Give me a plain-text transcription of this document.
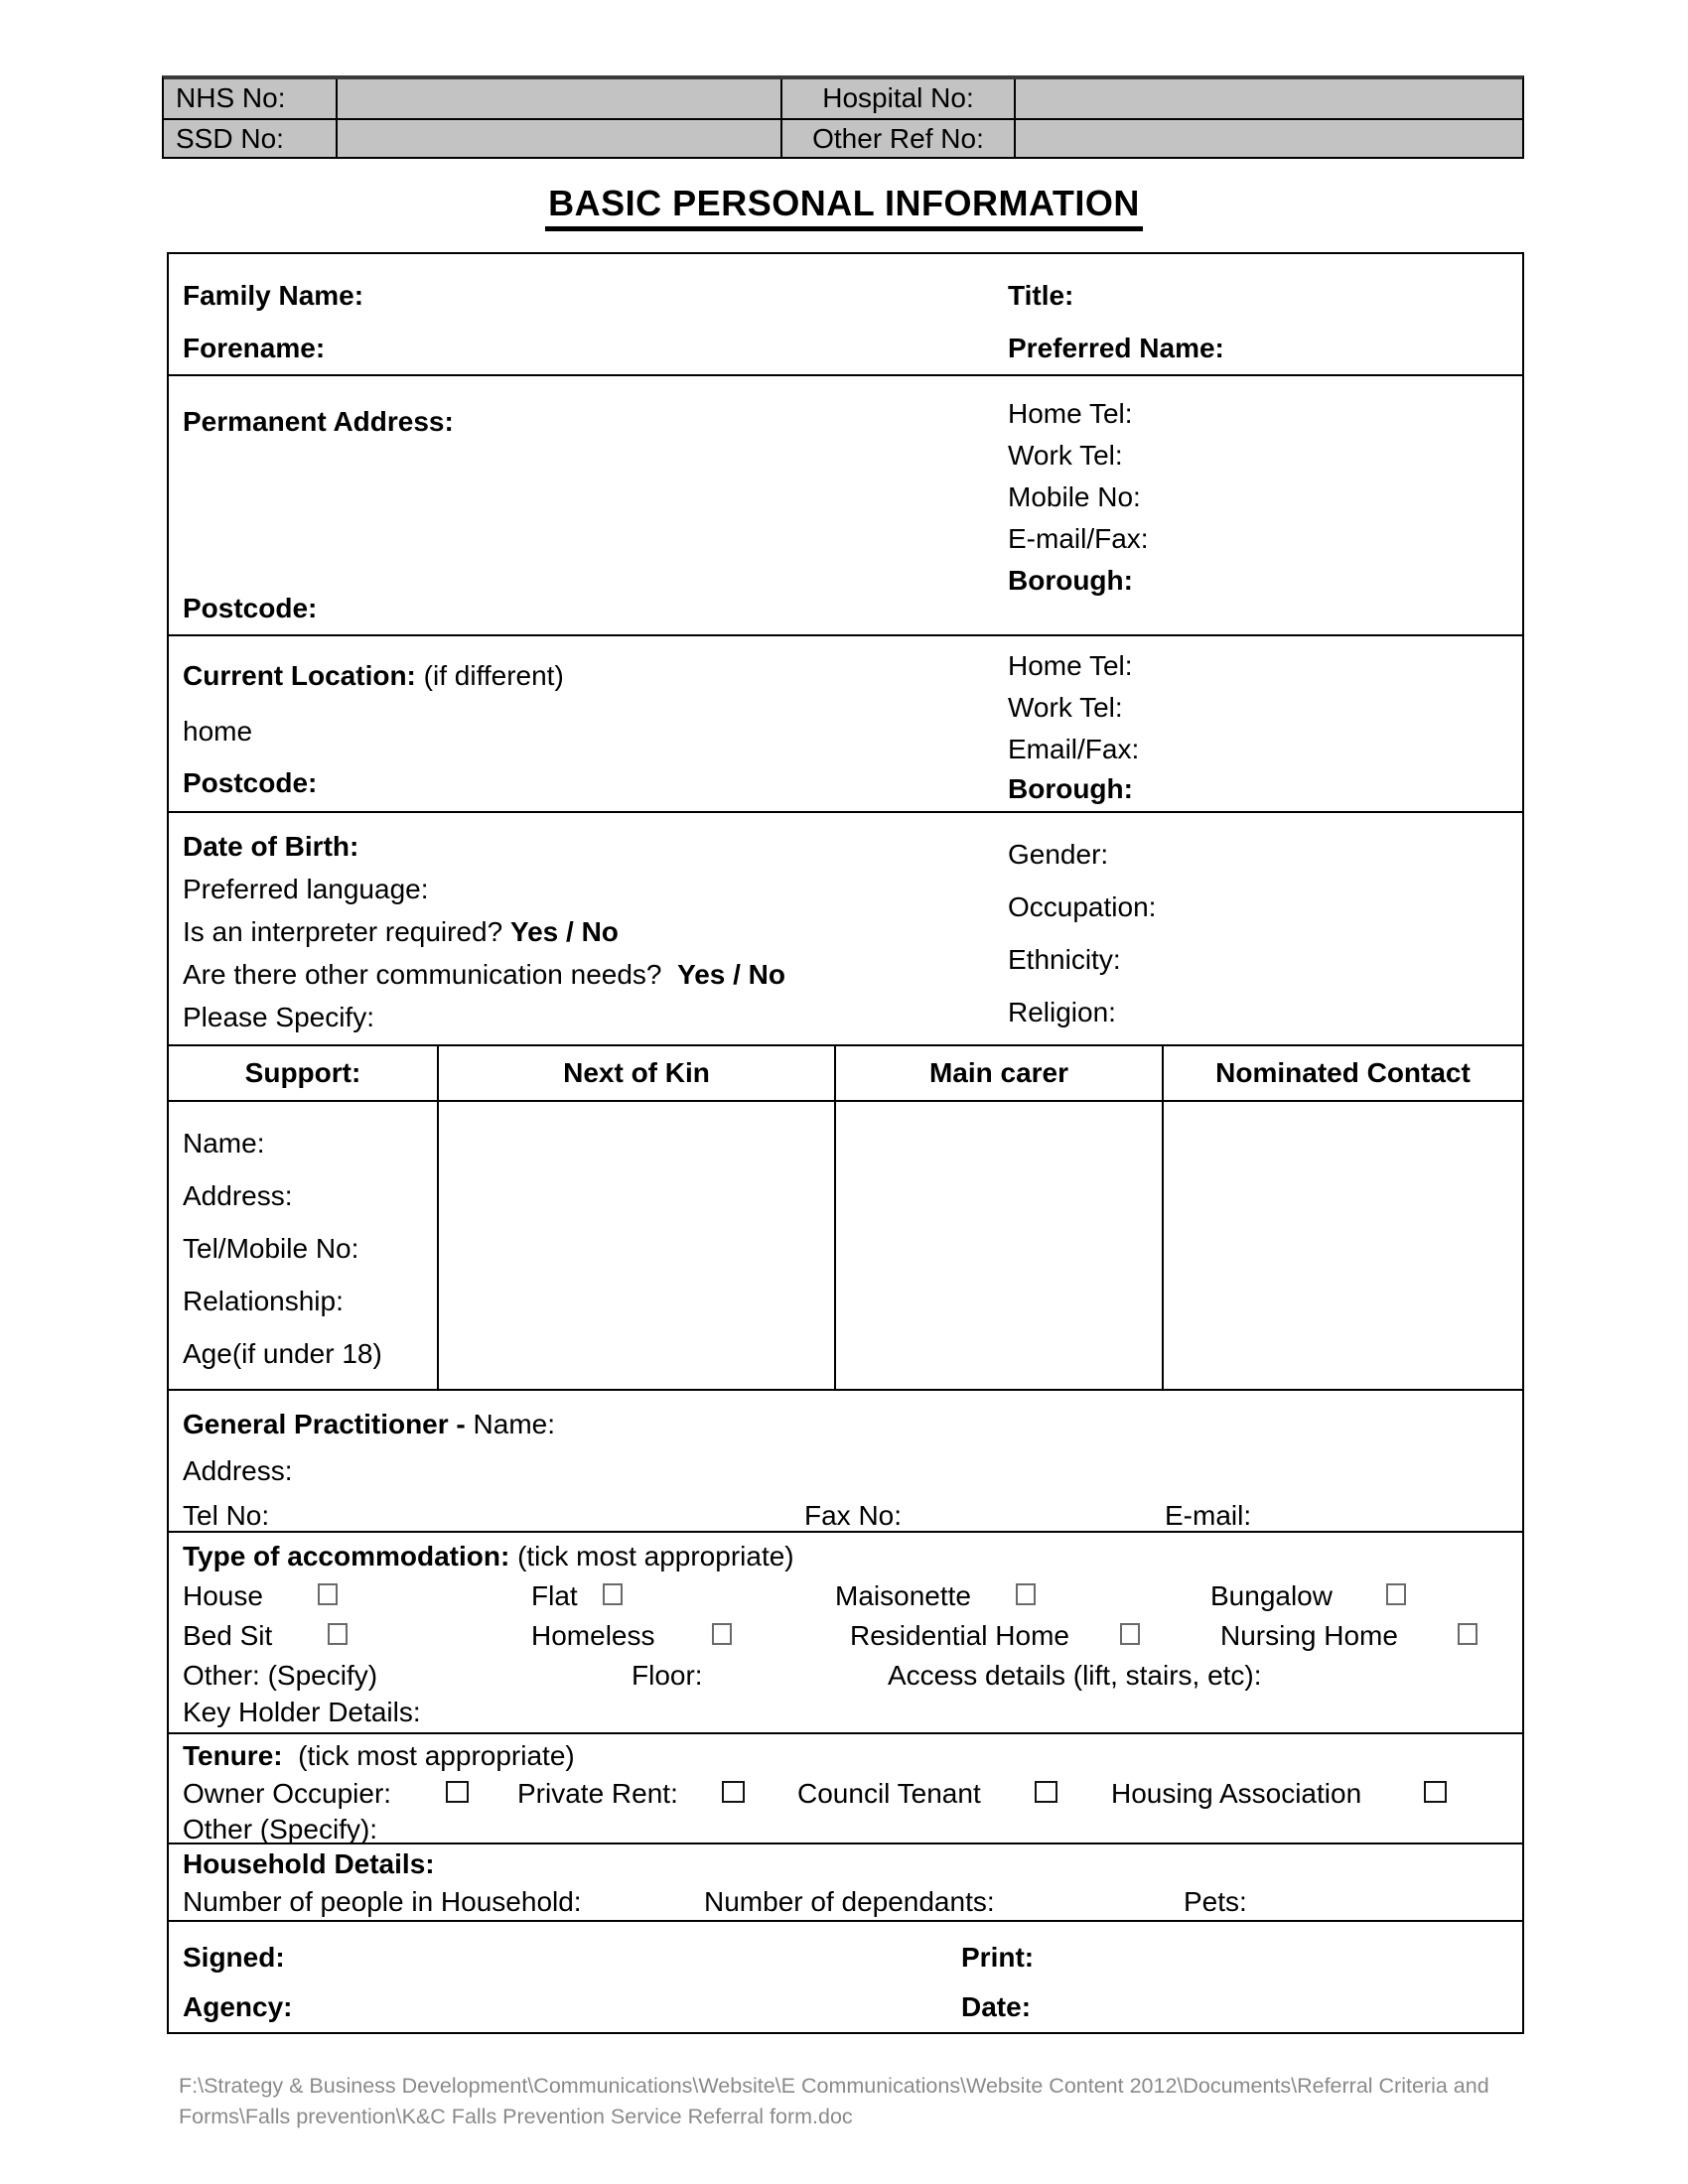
NHS No:	Hospital No:
SSD No:	Other Ref No:
BASIC PERSONAL INFORMATION
Family Name:	Title:
Forename:	Preferred Name:
Permanent Address:
Postcode:
Home Tel:
Work Tel:
Mobile No:
E-mail/Fax:
Borough:
Current Location: (if different)
home
Postcode:
Home Tel:
Work Tel:
Email/Fax:
Borough:
Date of Birth:
Preferred language:
Is an interpreter required? Yes / No
Are there other communication needs? Yes / No
Please Specify:
Gender:
Occupation:
Ethnicity:
Religion:
Support:	Next of Kin	Main carer	Nominated Contact
Name:
Address:
Tel/Mobile No:
Relationship:
Age(if under 18)
General Practitioner - Name:
Address:
Tel No:	Fax No:	E-mail:
Type of accommodation: (tick most appropriate)
House	Flat	Maisonette	Bungalow
Bed Sit	Homeless	Residential Home	Nursing Home
Other: (Specify)	Floor:	Access details (lift, stairs, etc):
Key Holder Details:
Tenure: (tick most appropriate)
Owner Occupier:	Private Rent:	Council Tenant	Housing Association
Other (Specify):
Household Details:
Number of people in Household:	Number of dependants:	Pets:
Signed:	Print:
Agency:	Date:
F:\Strategy & Business Development\Communications\Website\E Communications\Website Content 2012\Documents\Referral Criteria and Forms\Falls prevention\K&C Falls Prevention Service Referral form.doc
